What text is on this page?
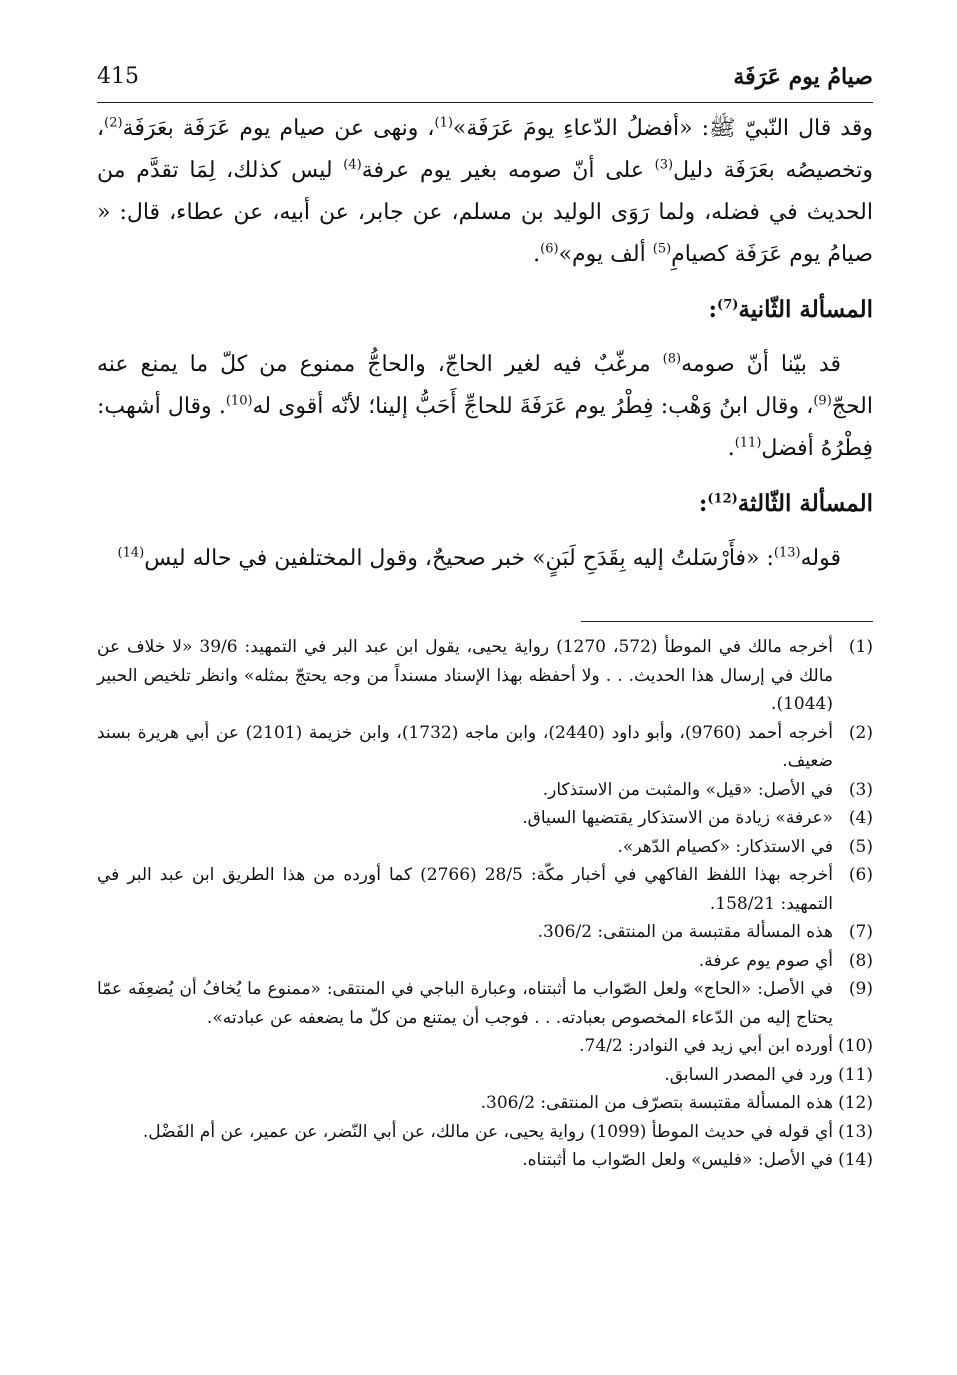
صيامُ يوم عَرَفَة
415

وقد قال النّبيّ ﷺ: «أفضلُ الدّعاءِ يومَ عَرَفَة»$^{(1)}$، ونهى عن صيام يوم عَرَفَة بعَرَفَة$^{(2)}$، وتخصيصُه بعَرَفَة دليل$^{(3)}$ على أنّ صومه بغير يوم عرفة$^{(4)}$ ليس كذلك، لِمَا تقدَّم من الحديث في فضله، ولما رَوَى الوليد بن مسلم، عن جابر، عن أبيه، عن عطاء، قال: « صيامُ يوم عَرَفَة كصيامِ$^{(5)}$ ألف يوم»$^{(6)}$.

المسألة الثّانية$^{(7)}$:

قد بيّنا أنّ صومه$^{(8)}$ مرغّبٌ فيه لغير الحاجّ، والحاجُّ ممنوع من كلّ ما يمنع عنه الحجّ$^{(9)}$، وقال ابنُ وَهْب: فِطْرُ يوم عَرَفَةَ للحاجِّ أَحَبُّ إلينا؛ لأنّه أقوى له$^{(10)}$. وقال أشهب: فِطْرُهُ أفضل$^{(11)}$.

المسألة الثّالثة$^{(12)}$:

قوله$^{(13)}$: «فأَرْسَلتُ إليه بِقَدَحِ لَبَنٍ» خبر صحيحٌ، وقول المختلفين في حاله ليس$^{(14)}$

(1)
أخرجه مالك في الموطأ (572، 1270) رواية يحيى، يقول ابن عبد البر في التمهيد: 39/6 «لا خلاف عن مالك في إرسال هذا الحديث. . . ولا أحفظه بهذا الإسناد مسنداً من وجه يحتجّ بمثله» وانظر تلخيص الحبير (1044).
(2)
أخرجه أحمد (9760)، وأبو داود (2440)، وابن ماجه (1732)، وابن خزيمة (2101) عن أبي هريرة بسند ضعيف.
(3)
في الأصل: «قيل» والمثبت من الاستذكار.
(4)
«عرفة» زيادة من الاستذكار يقتضيها السياق.
(5)
في الاستذكار: «كصيام الدّهر».
(6)
أخرجه بهذا اللفظ الفاكهي في أخبار مكّة: 28/5 (2766) كما أورده من هذا الطريق ابن عبد البر في التمهيد: 158/21.
(7)
هذه المسألة مقتبسة من المنتقى: 306/2.
(8)
أي صوم يوم عرفة.
(9)
في الأصل: «الحاج» ولعل الصّواب ما أثبتناه، وعبارة الباجي في المنتقى: «ممنوع ما يُخافُ أن يُضعِفَه عمّا يحتاج إليه من الدّعاء المخصوص بعبادته. . . فوجب أن يمتنع من كلّ ما يضعفه عن عبادته».
(10)
أورده ابن أبي زيد في النوادر: 74/2.
(11)
ورد في المصدر السابق.
(12)
هذه المسألة مقتبسة بتصرّف من المنتقى: 306/2.
(13)
أي قوله في حديث الموطأ (1099) رواية يحيى، عن مالك، عن أبي النّضر، عن عمير، عن أم الفَضْل.
(14)
في الأصل: «فليس» ولعل الصّواب ما أثبتناه.
